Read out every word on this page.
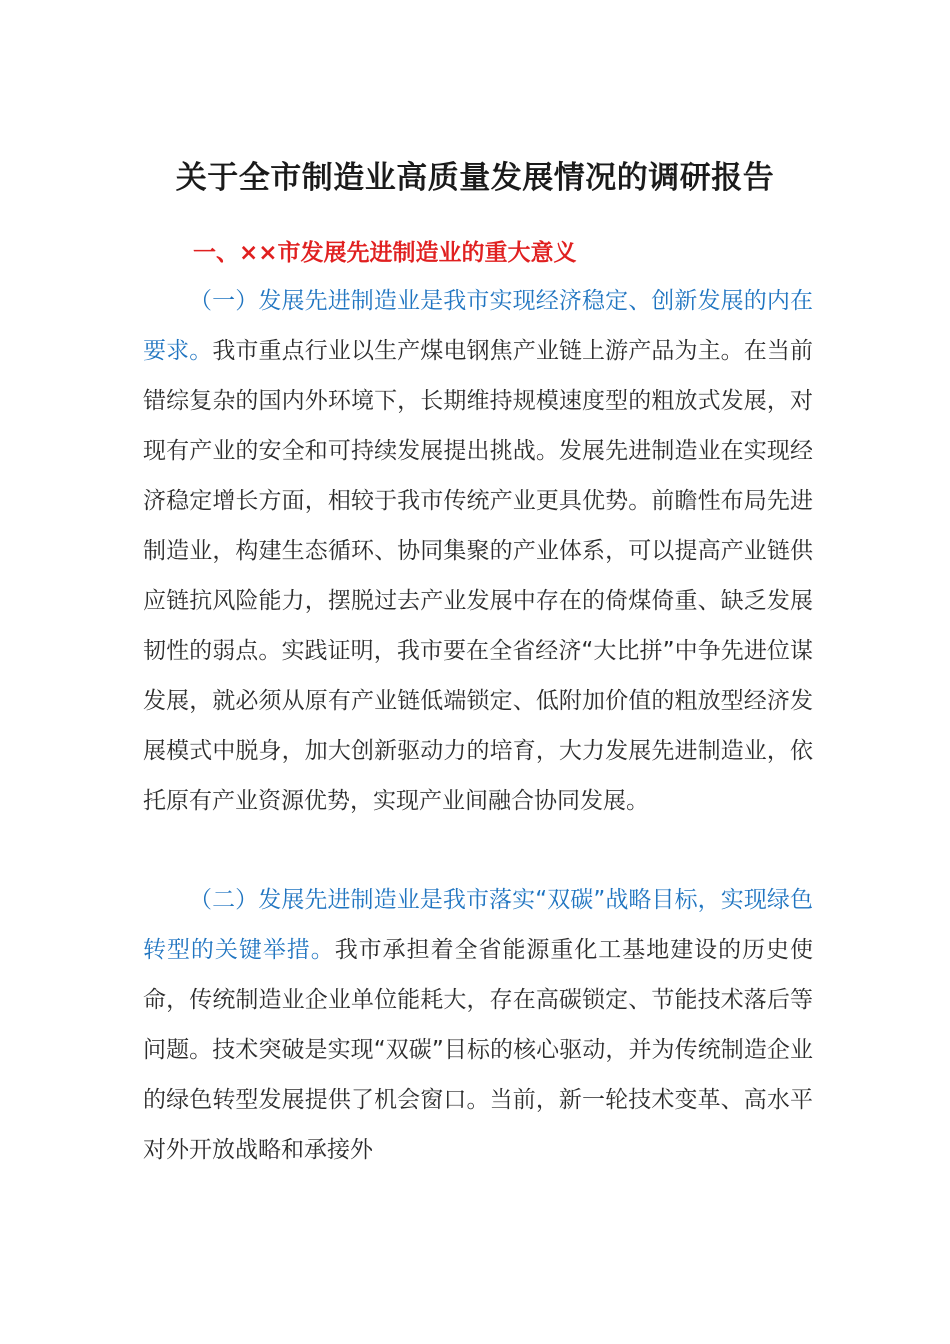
关于全市制造业高质量发展情况的调研报告
一、××市发展先进制造业的重大意义

（一）发展先进制造业是我市实现经济稳定、创新发展的内在要求。我市重点行业以生产煤电钢焦产业链上游产品为主。在当前错综复杂的国内外环境下，长期维持规模速度型的粗放式发展，对现有产业的安全和可持续发展提出挑战。发展先进制造业在实现经济稳定增长方面，相较于我市传统产业更具优势。前瞻性布局先进制造业，构建生态循环、协同集聚的产业体系，可以提高产业链供应链抗风险能力，摆脱过去产业发展中存在的倚煤倚重、缺乏发展韧性的弱点。实践证明，我市要在全省经济“大比拼”中争先进位谋发展，就必须从原有产业链低端锁定、低附加价值的粗放型经济发展模式中脱身，加大创新驱动力的培育，大力发展先进制造业，依托原有产业资源优势，实现产业间融合协同发展。

（二）发展先进制造业是我市落实“双碳”战略目标，实现绿色转型的关键举措。我市承担着全省能源重化工基地建设的历史使命，传统制造业企业单位能耗大，存在高碳锁定、节能技术落后等问题。技术突破是实现“双碳”目标的核心驱动，并为传统制造企业的绿色转型发展提供了机会窗口。当前，新一轮技术变革、高水平对外开放战略和承接外
